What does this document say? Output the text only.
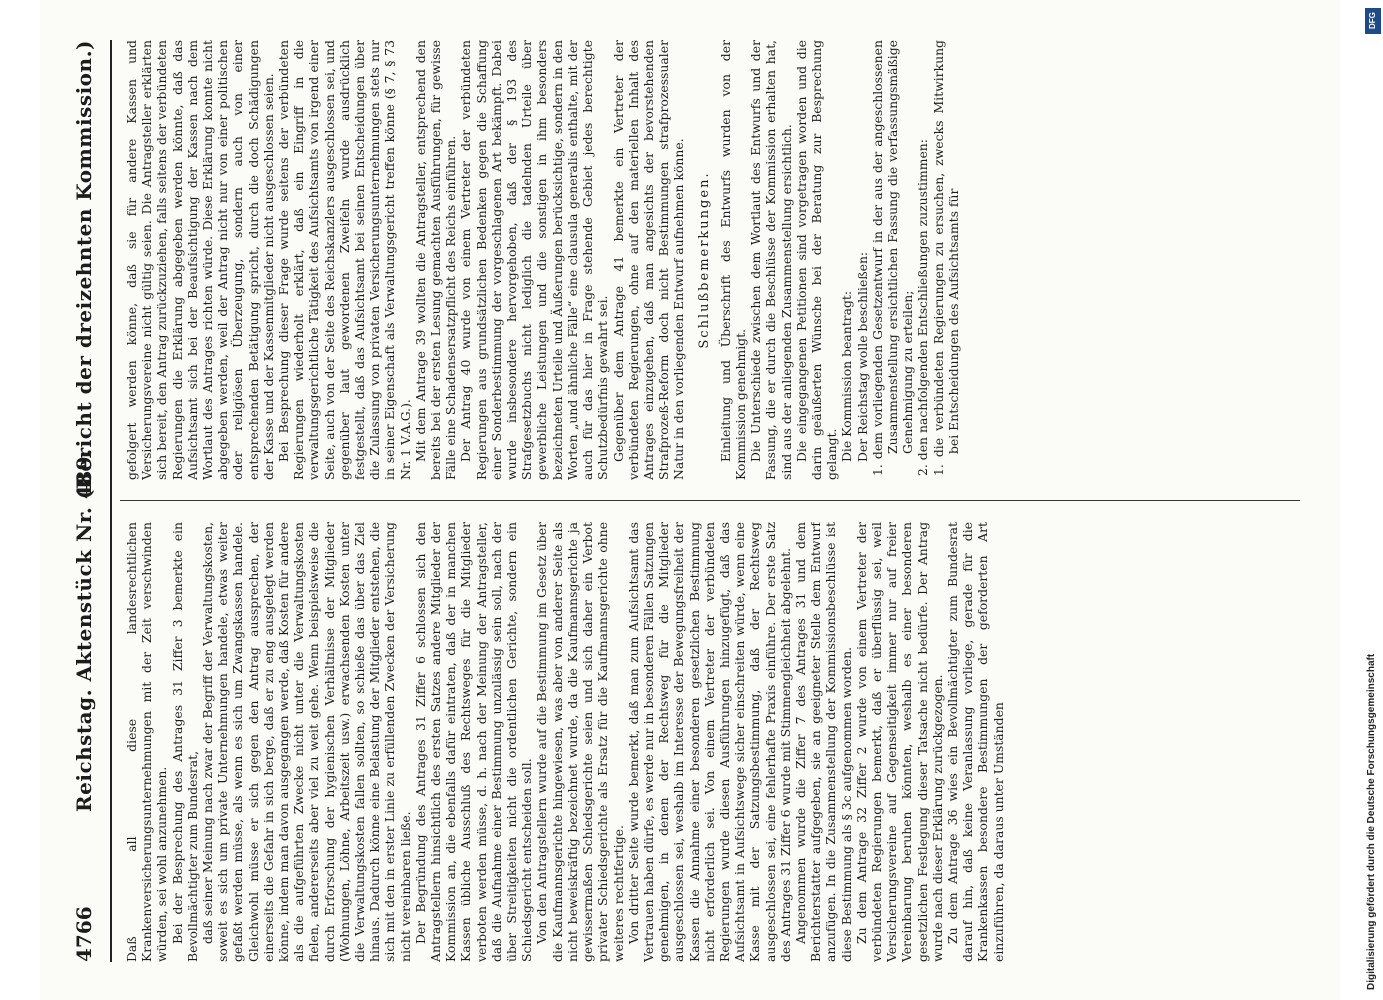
4766
Reichstag. Aktenstück Nr. 489.
(Bericht der dreizehnten Kommission.)

Daß all diese landesrechtlichen Krankenversicherungsunternehmungen mit der Zeit verschwinden würden, sei wohl anzunehmen. Bei der Besprechung des Antrages 31 Ziffer 3 bemerkte ein Bevollmächtigter zum Bundesrat, daß seiner Meinung nach zwar der Begriff der Verwaltungskosten, soweit es sich um private Unternehmungen handele, etwas weiter gefaßt werden müsse, als wenn es sich um Zwangskassen handele. Gleichwohl müsse er sich gegen den Antrag aussprechen, der einerseits die Gefahr in sich berge, daß er zu eng ausgelegt werden könne, indem man davon ausgegangen werde, daß Kosten für andere als die aufgeführten Zwecke nicht unter die Verwaltungskosten fielen, andererseits aber viel zu weit gehe. Wenn beispielsweise die durch Erforschung der hygienischen Verhältnisse der Mitglieder (Wohnungen, Löhne, Arbeitszeit usw.) erwachsenden Kosten unter die Verwaltungskosten fallen sollten, so schieße das über das Ziel hinaus. Dadurch könne eine Belastung der Mitglieder entstehen, die sich mit den in erster Linie zu erfüllenden Zwecken der Versicherung nicht vereinbaren ließe. Der Begründung des Antrages 31 Ziffer 6 schlossen sich den Antragstellern hinsichtlich des ersten Satzes andere Mitglieder der Kommission an, die ebenfalls dafür eintraten, daß der in manchen Kassen übliche Ausschluß des Rechtsweges für die Mitglieder verboten werden müsse, d. h. nach der Meinung der Antragsteller, daß die Aufnahme einer Bestimmung unzulässig sein soll, nach der über Streitigkeiten nicht die ordentlichen Gerichte, sondern ein Schiedsgericht entscheiden soll. Von den Antragstellern wurde auf die Bestimmung im Gesetz über die Kaufmannsgerichte hingewiesen, was aber von anderer Seite als nicht beweiskräftig bezeichnet wurde, da die Kaufmannsgerichte ja gewissermaßen Schiedsgerichte seien und sich daher ein Verbot privater Schiedsgerichte als Ersatz für die Kaufmannsgerichte ohne weiteres rechtfertige. Von dritter Seite wurde bemerkt, daß man zum Aufsichtsamt das Vertrauen haben dürfe, es werde nur in besonderen Fällen Satzungen genehmigen, in denen der Rechtsweg für die Mitglieder ausgeschlossen sei, weshalb im Interesse der Bewegungsfreiheit der Kassen die Annahme einer besonderen gesetzlichen Bestimmung nicht erforderlich sei. Von einem Vertreter der verbündeten Regierungen wurde diesen Ausführungen hinzugefügt, daß das Aufsichtsamt in Aufsichtswege sicher einschreiten würde, wenn eine Kasse mit der Satzungsbestimmung, daß der Rechtsweg ausgeschlossen sei, eine fehlerhafte Praxis einführe. Der erste Satz des Antrages 31 Ziffer 6 wurde mit Stimmengleichheit abgelehnt. Angenommen wurde die Ziffer 7 des Antrages 31 und dem Berichterstatter aufgegeben, sie an geeigneter Stelle dem Entwurf anzufügen. In die Zusammenstellung der Kommissionsbeschlüsse ist diese Bestimmung als § 3c aufgenommen worden. Zu dem Antrage 32 Ziffer 2 wurde von einem Vertreter der verbündeten Regierungen bemerkt, daß er überflüssig sei, weil Versicherungsvereine auf Gegenseitigkeit immer nur auf freier Vereinbarung beruhen könnten, weshalb es einer besonderen gesetzlichen Festlegung dieser Tatsache nicht bedürfe. Der Antrag wurde nach dieser Erklärung zurückgezogen. Zu dem Antrage 36 wies ein Bevollmächtigter zum Bundesrat darauf hin, daß keine Veranlassung vorliege, gerade für die Krankenkassen besondere Bestimmungen der geforderten Art einzuführen, da daraus unter Umständen

gefolgert werden könne, daß sie für andere Kassen und Versicherungsvereine nicht gültig seien. Die Antragsteller erklärten sich bereit, den Antrag zurückzuziehen, falls seitens der verbündeten Regierungen die Erklärung abgegeben werden könnte, daß das Aufsichtsamt sich bei der Beaufsichtigung der Kassen nach dem Wortlaut des Antrages richten würde. Diese Erklärung konnte nicht abgegeben werden, weil der Antrag nicht nur von einer politischen oder religiösen Überzeugung, sondern auch von einer entsprechenden Betätigung spricht, durch die doch Schädigungen der Kasse und der Kassenmitglieder nicht ausgeschlossen seien. Bei Besprechung dieser Frage wurde seitens der verbündeten Regierungen wiederholt erklärt, daß ein Eingriff in die verwaltungsgerichtliche Tätigkeit des Aufsichtsamts von irgend einer Seite, auch von der Seite des Reichskanzlers ausgeschlossen sei, und gegenüber laut gewordenen Zweifeln wurde ausdrücklich festgestellt, daß das Aufsichtsamt bei seinen Entscheidungen über die Zulassung von privaten Versicherungsunternehmungen stets nur in seiner Eigenschaft als Verwaltungsgericht treffen könne (§ 7, § 73 Nr. 1 V.A.G.). Mit dem Antrage 39 wollten die Antragsteller, entsprechend den bereits bei der ersten Lesung gemachten Ausführungen, für gewisse Fälle eine Schadensersatzpflicht des Reichs einführen. Der Antrag 40 wurde von einem Vertreter der verbündeten Regierungen aus grundsätzlichen Bedenken gegen die Schaffung einer Sonderbestimmung der vorgeschlagenen Art bekämpft. Dabei wurde insbesondere hervorgehoben, daß der § 193 des Strafgesetzbuchs nicht lediglich die tadelnden Urteile über gewerbliche Leistungen und die sonstigen in ihm besonders bezeichneten Urteile und Äußerungen berücksichtige, sondern in den Worten „und ähnliche Fälle“ eine clausula generalis enthalte, mit der auch für das hier in Frage stehende Gebiet jedes berechtigte Schutzbedürfnis gewahrt sei. Gegenüber dem Antrage 41 bemerkte ein Vertreter der verbündeten Regierungen, ohne auf den materiellen Inhalt des Antrages einzugehen, daß man angesichts der bevorstehenden Strafprozeß-Reform doch nicht Bestimmungen strafprozessualer Natur in den vorliegenden Entwurf aufnehmen könne. Schlußbemerkungen. Einleitung und Überschrift des Entwurfs wurden von der Kommission genehmigt. Die Unterschiede zwischen dem Wortlaut des Entwurfs und der Fassung, die er durch die Beschlüsse der Kommission erhalten hat, sind aus der anliegenden Zusammenstellung ersichtlich. Die eingegangenen Petitionen sind vorgetragen worden und die darin geäußerten Wünsche bei der Beratung zur Besprechung gelangt. Die Kommission beantragt: Der Reichstag wolle beschließen:

1. dem vorliegenden Gesetzentwurf in der aus der angeschlossenen Zusammenstellung ersichtlichen Fassung die verfassungsmäßige Genehmigung zu erteilen;

2. den nachfolgenden Entschließungen zuzustimmen:

1. die verbündeten Regierungen zu ersuchen, zwecks Mitwirkung bei Entscheidungen des Aufsichtsamts für

Digitalisierung gefördert durch die Deutsche Forschungsgemeinschaft
DFG
